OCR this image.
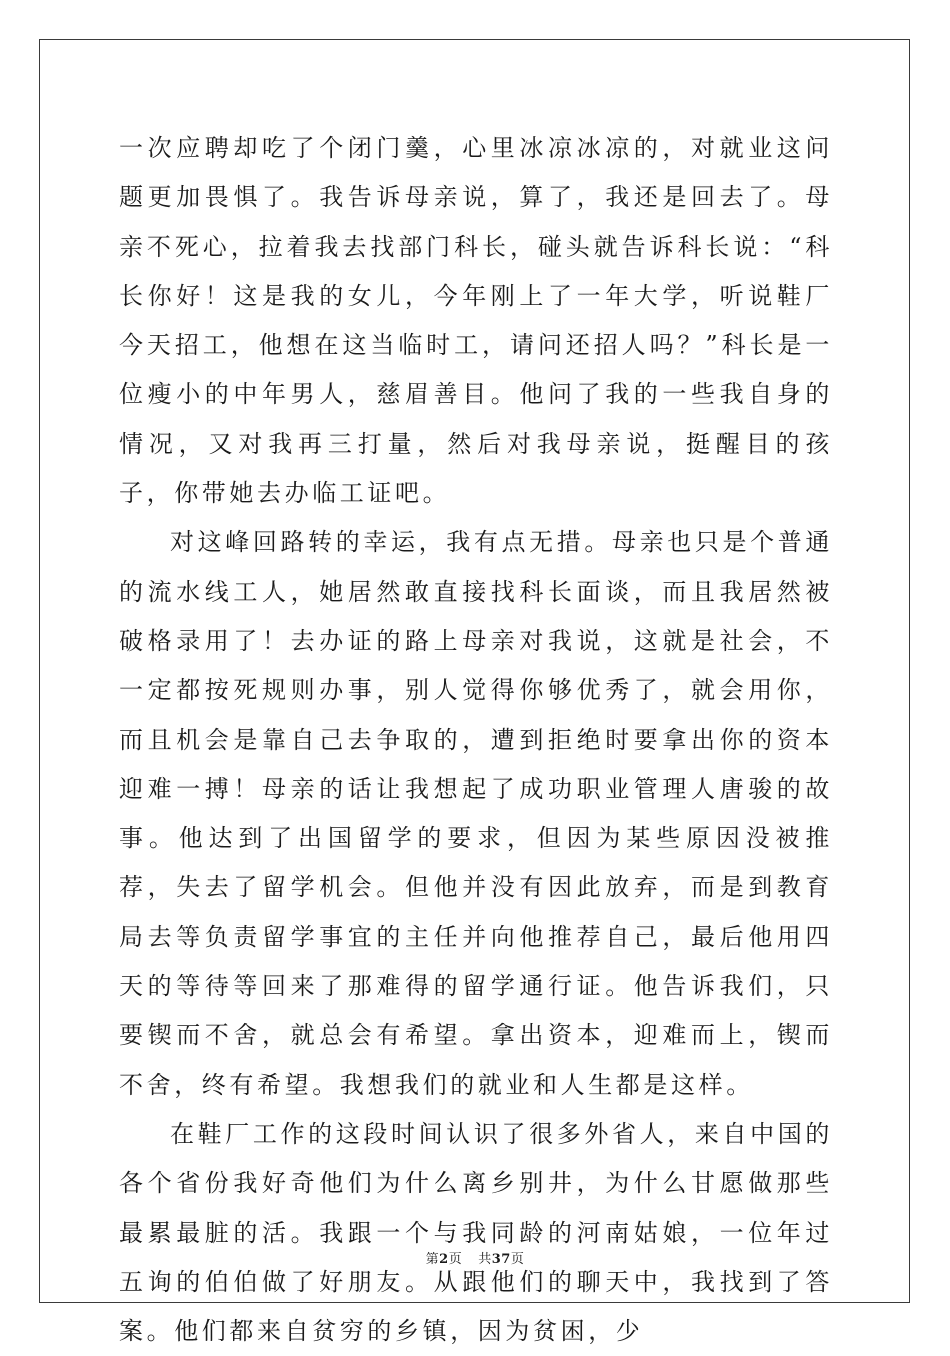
一次应聘却吃了个闭门羹，心里冰凉冰凉的，对就业这问题更加畏惧了。我告诉母亲说，算了，我还是回去了。母亲不死心，拉着我去找部门科长，碰头就告诉科长说：“科长你好！这是我的女儿，今年刚上了一年大学，听说鞋厂今天招工，他想在这当临时工，请问还招人吗？”科长是一位瘦小的中年男人，慈眉善目。他问了我的一些我自身的情况，又对我再三打量，然后对我母亲说，挺醒目的孩子，你带她去办临工证吧。

对这峰回路转的幸运，我有点无措。母亲也只是个普通的流水线工人，她居然敢直接找科长面谈，而且我居然被破格录用了！去办证的路上母亲对我说，这就是社会，不一定都按死规则办事，别人觉得你够优秀了，就会用你，而且机会是靠自己去争取的，遭到拒绝时要拿出你的资本迎难一搏！母亲的话让我想起了成功职业管理人唐骏的故事。他达到了出国留学的要求，但因为某些原因没被推荐，失去了留学机会。但他并没有因此放弃，而是到教育局去等负责留学事宜的主任并向他推荐自己，最后他用四天的等待等回来了那难得的留学通行证。他告诉我们，只要锲而不舍，就总会有希望。拿出资本，迎难而上，锲而不舍，终有希望。我想我们的就业和人生都是这样。

在鞋厂工作的这段时间认识了很多外省人，来自中国的各个省份我好奇他们为什么离乡别井，为什么甘愿做那些最累最脏的活。我跟一个与我同龄的河南姑娘，一位年过五询的伯伯做了好朋友。从跟他们的聊天中，我找到了答案。他们都来自贫穷的乡镇，因为贫困，少

第2页 共37页
